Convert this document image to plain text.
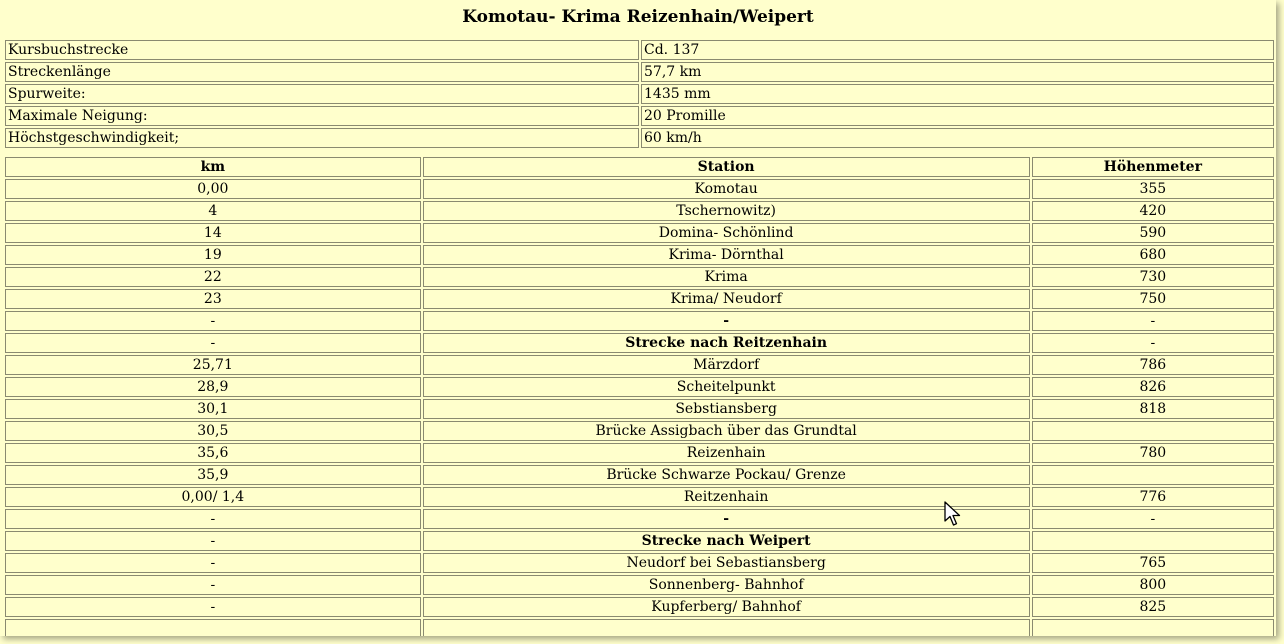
Komotau- Krima Reizenhain/Weipert
Kursbuchstrecke	Cd. 137
Streckenlänge	57,7 km
Spurweite:	1435 mm
Maximale Neigung:	20 Promille
Höchstgeschwindigkeit;	60 km/h
km	Station	Höhenmeter
0,00	Komotau	355
4	Tschernowitz)	420
14	Domina- Schönlind	590
19	Krima- Dörnthal	680
22	Krima	730
23	Krima/ Neudorf	750
-	-	-
-	Strecke nach Reitzenhain	-
25,71	Märzdorf	786
28,9	Scheitelpunkt	826
30,1	Sebstiansberg	818
30,5	Brücke Assigbach über das Grundtal	
35,6	Reizenhain	780
35,9	Brücke Schwarze Pockau/ Grenze	
0,00/ 1,4	Reitzenhain	776
-	-	-
-	Strecke nach Weipert	
-	Neudorf bei Sebastiansberg	765
-	Sonnenberg- Bahnhof	800
-	Kupferberg/ Bahnhof	825
